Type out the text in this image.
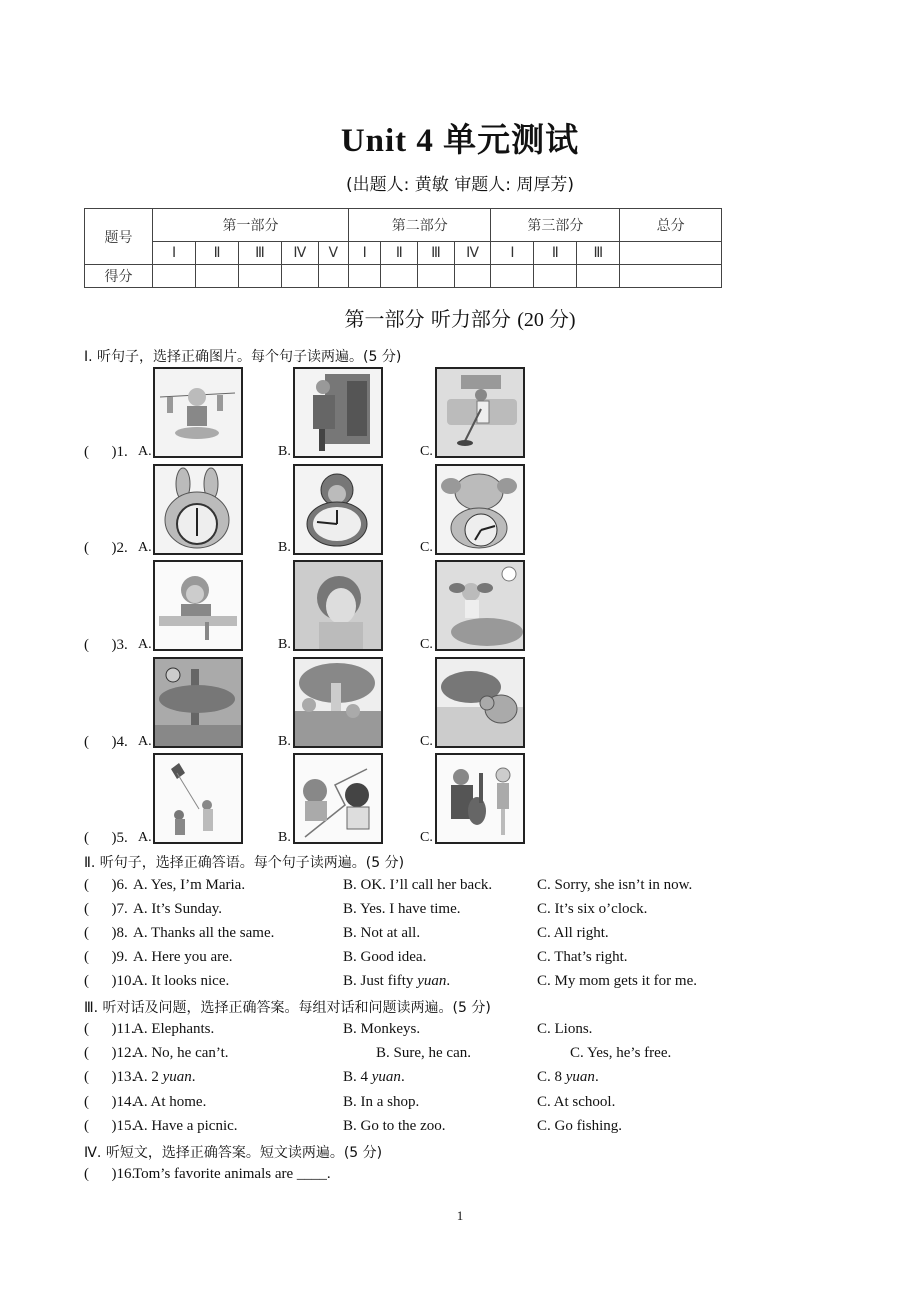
Unit 4 单元测试
(出题人: 黄敏 审题人: 周厚芳)
题号	第一部分					第二部分				第三部分			总分
	Ⅰ	Ⅱ	Ⅲ	Ⅳ	Ⅴ	Ⅰ	Ⅱ	Ⅲ	Ⅳ	Ⅰ	Ⅱ	Ⅲ	
得分													
第一部分 听力部分 (20 分)
Ⅰ. 听句子，选择正确图片。每个句子读两遍。(5 分)
(      )1. A.	B.	C.
(      )2. A.	B.	C.
(      )3. A.	B.	C.
(      )4. A.	B.	C.
(      )5. A.	B.	C.
Ⅱ. 听句子，选择正确答语。每个句子读两遍。(5 分)
(      )6. A. Yes, I’m Maria.	B. OK. I’ll call her back.	C. Sorry, she isn’t in now.
(      )7. A. It’s Sunday.	B. Yes. I have time.	C. It’s six o’clock.
(      )8. A. Thanks all the same.	B. Not at all.	C. All right.
(      )9. A. Here you are.	B. Good idea.	C. That’s right.
(      )10.
A. It looks nice.	B. Just fifty yuan.	C. My mom gets it for me.
Ⅲ. 听对话及问题，选择正确答案。每组对话和问题读两遍。(5 分)
(      )11.
A. Elephants.	B. Monkeys.	C. Lions.
(      )12.
A. No, he can’t.	B. Sure, he can.	C. Yes, he’s free.
(      )13.
A. 2 yuan.	B. 4 yuan.	C. 8 yuan.
(      )14.
A. At home.	B. In a shop.	C. At school.
(      )15.
A. Have a picnic.	B. Go to the zoo.	C. Go fishing.
Ⅳ. 听短文，选择正确答案。短文读两遍。(5 分)
(      )16.
Tom’s favorite animals are ____.
1
